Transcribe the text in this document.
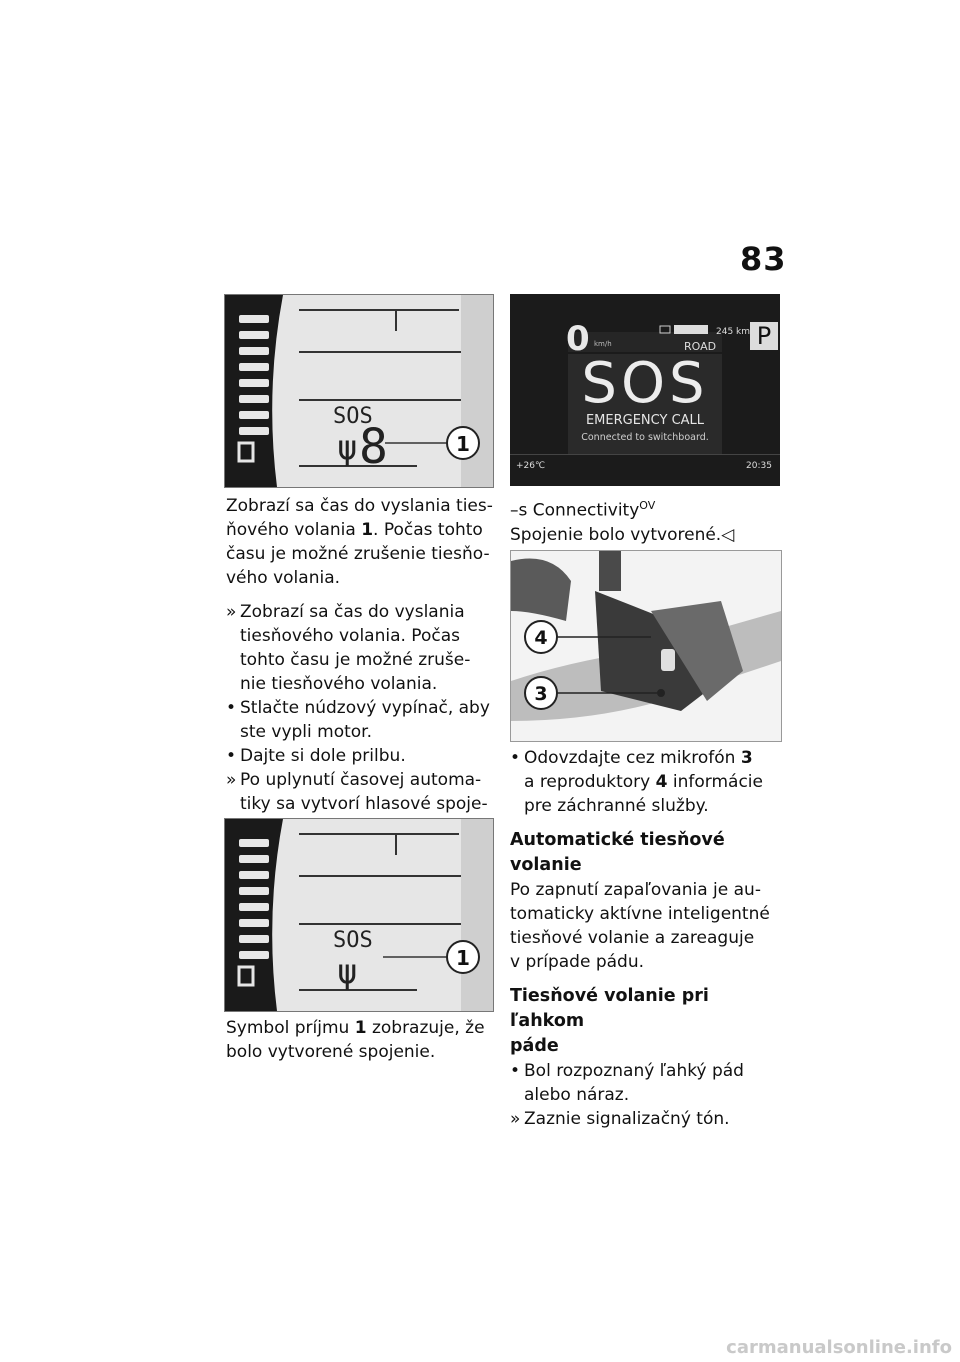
83
SOS
ψ 8	1

Zobrazí sa čas do vyslania ties-
ňového volania 1. Počas tohto
času je možné zrušenie tiesňo-
vého volania.

» Zobrazí sa čas do vyslania
tiesňového volania. Počas
tohto času je možné zruše-
nie tiesňového volania.
• Stlačte núdzový vypínač, aby
ste vypli motor.
• Dajte si dole prilbu.
» Po uplynutí časovej automa-
tiky sa vytvorí hlasové spoje-

SOS
ψ	1
Symbol príjmu 1 zobrazuje, že
bolo vytvorené spojenie.
0 km/h
245 km
ROAD P
SOS
EMERGENCY CALL
Connected to switchboard.
+26℃	20:35
–s Connectivity$^{OV}$
Spojenie bolo vytvorené.◁
4
3
• Odovzdajte cez mikrofón 3
a reproduktory 4 informácie
pre záchranné služby.

Automatické tiesňové volanie

Po zapnutí zapaľovania je au-
tomaticky aktívne inteligentné
tiesňové volanie a zareaguje
v prípade pádu.

Tiesňové volanie pri ľahkom
páde

• Bol rozpoznaný ľahký pád
alebo náraz.
» Zaznie signalizačný tón.
carmanualsonline.info
